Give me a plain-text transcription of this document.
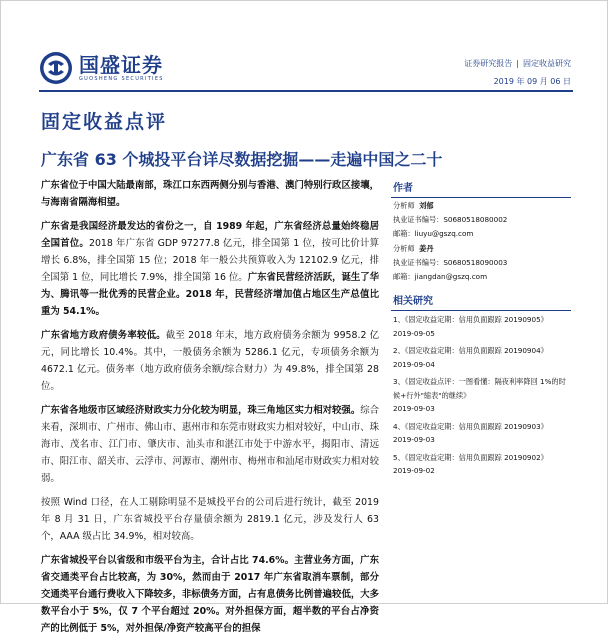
国盛证券
GUOSHENG SECURITIES
证券研究报告 | 固定收益研究
2019 年 09 月 06 日
固定收益点评
广东省 63 个城投平台详尽数据挖掘——走遍中国之二十

广东省位于中国大陆最南部，珠江口东西两侧分别与香港、澳门特别行政区接壤，与海南省隔海相望。

广东省是我国经济最发达的省份之一，自 1989 年起，广东省经济总量始终稳居全国首位。2018 年广东省 GDP 97277.8 亿元，排全国第 1 位，按可比价计算增长 6.8%，排全国第 15 位；2018 年一般公共预算收入为 12102.9 亿元，排全国第 1 位，同比增长 7.9%，排全国第 16 位。广东省民营经济活跃，诞生了华为、腾讯等一批优秀的民营企业。2018 年，民营经济增加值占地区生产总值比重为 54.1%。

广东省地方政府债务率较低。截至 2018 年末，地方政府债务余额为 9958.2 亿元，同比增长 10.4%。其中，一般债务余额为 5286.1 亿元，专项债务余额为 4672.1 亿元。债务率（地方政府债务余额/综合财力）为 49.8%，排全国第 28 位。

广东省各地级市区域经济财政实力分化较为明显，珠三角地区实力相对较强。综合来看，深圳市、广州市、佛山市、惠州市和东莞市财政实力相对较好，中山市、珠海市、茂名市、江门市、肇庆市、汕头市和湛江市处于中游水平，揭阳市、清远市、阳江市、韶关市、云浮市、河源市、潮州市、梅州市和汕尾市财政实力相对较弱。

按照 Wind 口径，在人工剔除明显不是城投平台的公司后进行统计，截至 2019 年 8 月 31 日，广东省城投平台存量债余额为 2819.1 亿元，涉及发行人 63 个，AAA 级占比 34.9%，相对较高。

广东省城投平台以省级和市级平台为主，合计占比 74.6%。主营业务方面，广东省交通类平台占比较高，为 30%，然而由于 2017 年广东省取消车票制，部分交通类平台通行费收入下降较多，非标债务方面，占有息债务比例普遍较低，大多数平台小于 5%，仅 7 个平台超过 20%。对外担保方面，超半数的平台占净资产的比例低于 5%，对外担保/净资产较高平台的担保

作者
分析师 刘郁
执业证书编号：S0680518080002
邮箱：liuyu@gszq.com
分析师 姜丹
执业证书编号：S0680518090003
邮箱：jiangdan@gszq.com
相关研究
1、《固定收益定期：信用负面跟踪 20190905》
2019-09-05
2、《固定收益定期：信用负面跟踪 20190904》
2019-09-04
3、《固定收益点评：一图看懂：隔夜利率降回 1%的时候+行外"缩表"的继续》
2019-09-03
4、《固定收益定期：信用负面跟踪 20190903》
2019-09-03
5、《固定收益定期：信用负面跟踪 20190902》
2019-09-02
